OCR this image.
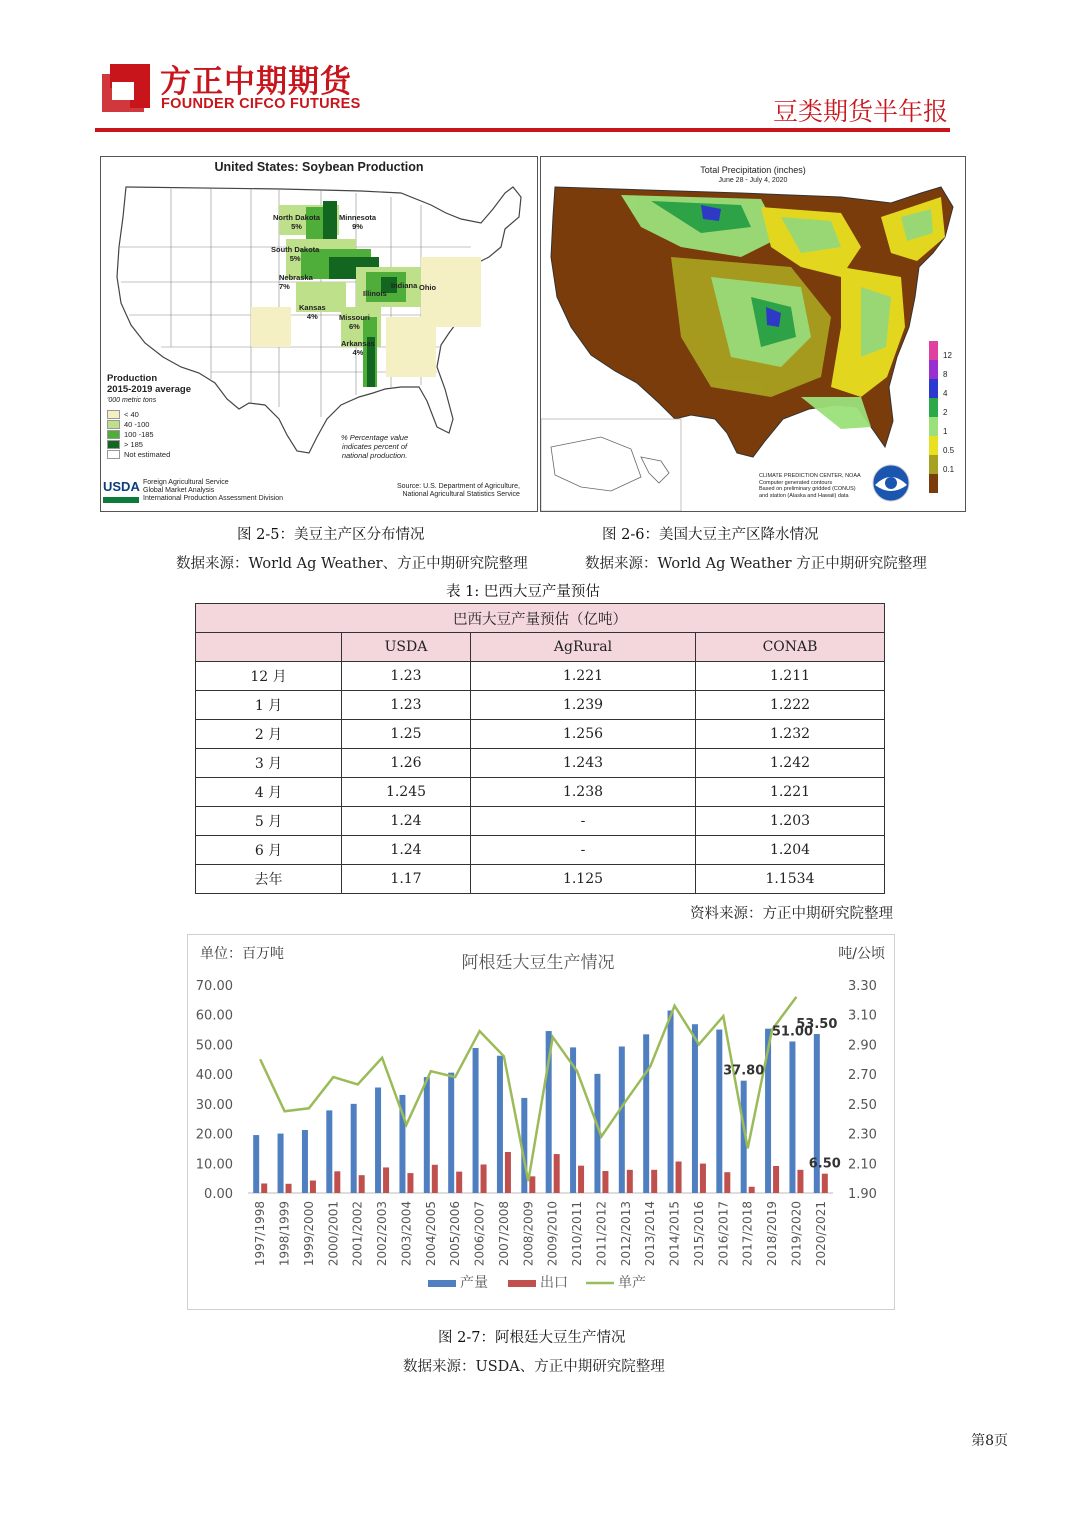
方正中期期货
FOUNDER CIFCO FUTURES	豆类期货半年报
United States: Soybean Production
North Dakota
5%
Minnesota
9%
South Dakota
5%
Nebraska
7%
Kansas
4%	Missouri
6%
Arkansas
4%
Indiana Ohio
Illinois
Production
2015-2019 average
'000 metric tons
< 40
40 -100
100 -185
> 185
Not estimated
% Percentage value
indicates percent of
national production.
USDA Foreign Agricultural Service
Global Market Analysis
International Production Assessment Division
Source: U.S. Department of Agriculture,
National Agricultural Statistics Service
Total Precipitation (inches)
June 28 - July 4, 2020
12
8
4
2
1
0.5
0.1
CLIMATE PREDICTION CENTER, NOAA
Computer generated contours
Based on preliminary gridded (CONUS)
and station (Alaska and Hawaii) data
图 2-5：美豆主产区分布情况	图 2-6：美国大豆主产区降水情况
数据来源：World Ag Weather、方正中期研究院整理	数据来源：World Ag Weather 方正中期研究院整理
表 1: 巴西大豆产量预估
巴西大豆产量预估（亿吨）			
	USDA	AgRural	CONAB
12 月	1.23	1.221	1.211
1 月	1.23	1.239	1.222
2 月	1.25	1.256	1.232
3 月	1.26	1.243	1.242
4 月	1.245	1.238	1.221
5 月	1.24	-	1.203
6 月	1.24	-	1.204
去年	1.17	1.125	1.1534
资料来源：方正中期研究院整理
阿根廷大豆生产情况
单位：百万吨	吨/公顷
70.00
60.00
50.00
40.00
30.00
20.00
10.00
0.00
3.30
3.10
2.90
2.70
2.50
2.30
2.10
1.90
37.80
51.00
53.50
6.50
1997/1998 1998/1999 1999/2000 2000/2001 2001/2002 2002/2003 2003/2004 2004/2005 2005/2006 2006/2007 2007/2008 2008/2009 2009/2010 2010/2011 2011/2012 2012/2013 2013/2014 2014/2015 2015/2016 2016/2017 2017/2018 2018/2019 2019/2020 2020/2021
产量	出口	单产
图 2-7：阿根廷大豆生产情况
数据来源：USDA、方正中期研究院整理
第8页
